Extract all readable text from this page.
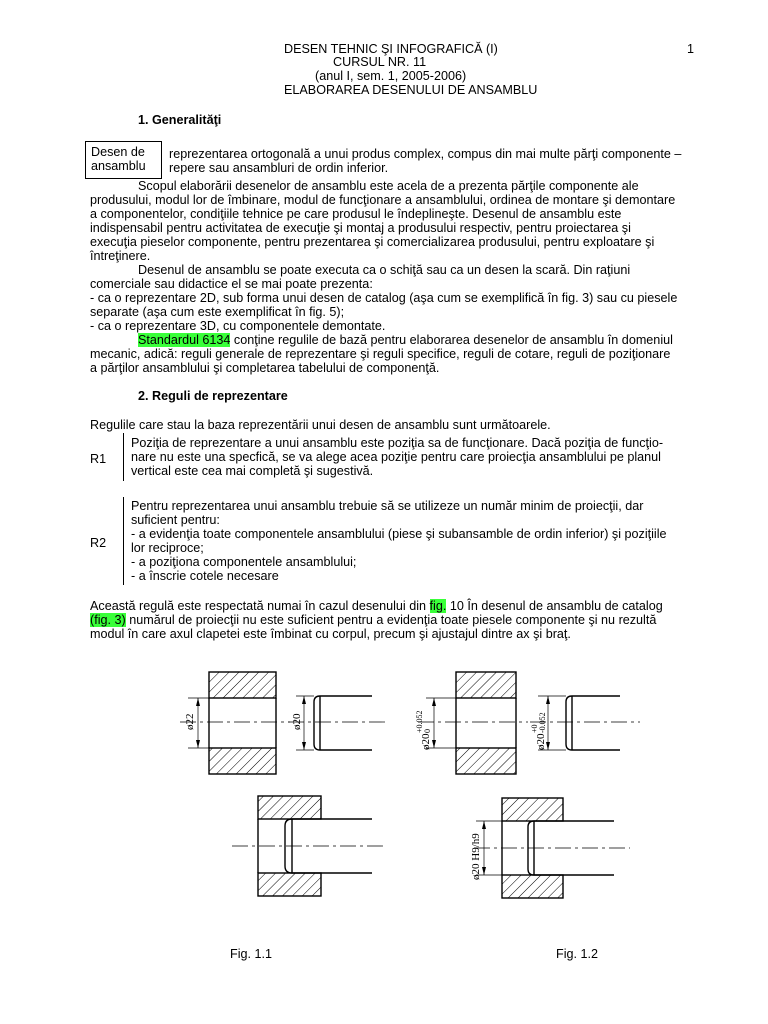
DESEN TEHNIC ŞI INFOGRAFICĂ (I)	1
CURSUL NR. 11
(anul I, sem. 1, 2005-2006)
ELABORAREA DESENULUI DE ANSAMBLU
1. Generalităţi
Desen de
ansamblu
reprezentarea ortogonală a unui produs complex, compus din mai multe părţi componente –
repere sau ansambluri de ordin inferior.
Scopul elaborării desenelor de ansamblu este acela de a prezenta părţile componente ale
produsului, modul lor de îmbinare, modul de funcţionare a ansamblului, ordinea de montare şi demontare
a componentelor, condiţiile tehnice pe care produsul le îndeplineşte. Desenul de ansamblu este
indispensabil pentru activitatea de execuţie şi montaj a produsului respectiv, pentru proiectarea şi
execuţia pieselor componente, pentru prezentarea şi comercializarea produsului, pentru exploatare şi
întreţinere.
Desenul de ansamblu se poate executa ca o schiţă sau ca un desen la scară. Din raţiuni
comerciale sau didactice el se mai poate prezenta:
- ca o reprezentare 2D, sub forma unui desen de catalog (aşa cum se exemplifică în fig. 3) sau cu piesele
separate (aşa cum este exemplificat în fig. 5);
- ca o reprezentare 3D, cu componentele demontate.
Standardul 6134 conţine regulile de bază pentru elaborarea desenelor de ansamblu în domeniul
mecanic, adică: reguli generale de reprezentare şi reguli specifice, reguli de cotare, reguli de poziţionare
a părţilor ansamblului şi completarea tabelului de componenţă.
2. Reguli de reprezentare
Regulile care stau la baza reprezentării unui desen de ansamblu sunt următoarele.
R1
Poziţia de reprezentare a unui ansamblu este poziţia sa de funcţionare. Dacă poziţia de funcţio-
nare nu este una specfică, se va alege acea poziţie pentru care proiecţia ansamblului pe planul
vertical este cea mai completă şi sugestivă.
R2
Pentru reprezentarea unui ansamblu trebuie să se utilizeze un număr minim de proiecţii, dar
suficient pentru:
- a evidenţia toate componentele ansamblului (piese şi subansamble de ordin inferior) şi poziţiile
lor reciproce;
- a poziţiona componentele ansamblului;
- a înscrie cotele necesare
Această regulă este respectată numai în cazul desenului din fig. 10 În desenul de ansamblu de catalog
(fig. 3) numărul de proiecţii nu este suficient pentru a evidenţia toate piesele componente şi nu rezultă
modul în care axul clapetei este îmbinat cu corpul, precum şi ajustajul dintre ax şi braţ.
ø22	ø20
ø20
+0.052 0
ø20
+0 -0.052
ø20 H9/h9
Fig. 1.1	Fig. 1.2
